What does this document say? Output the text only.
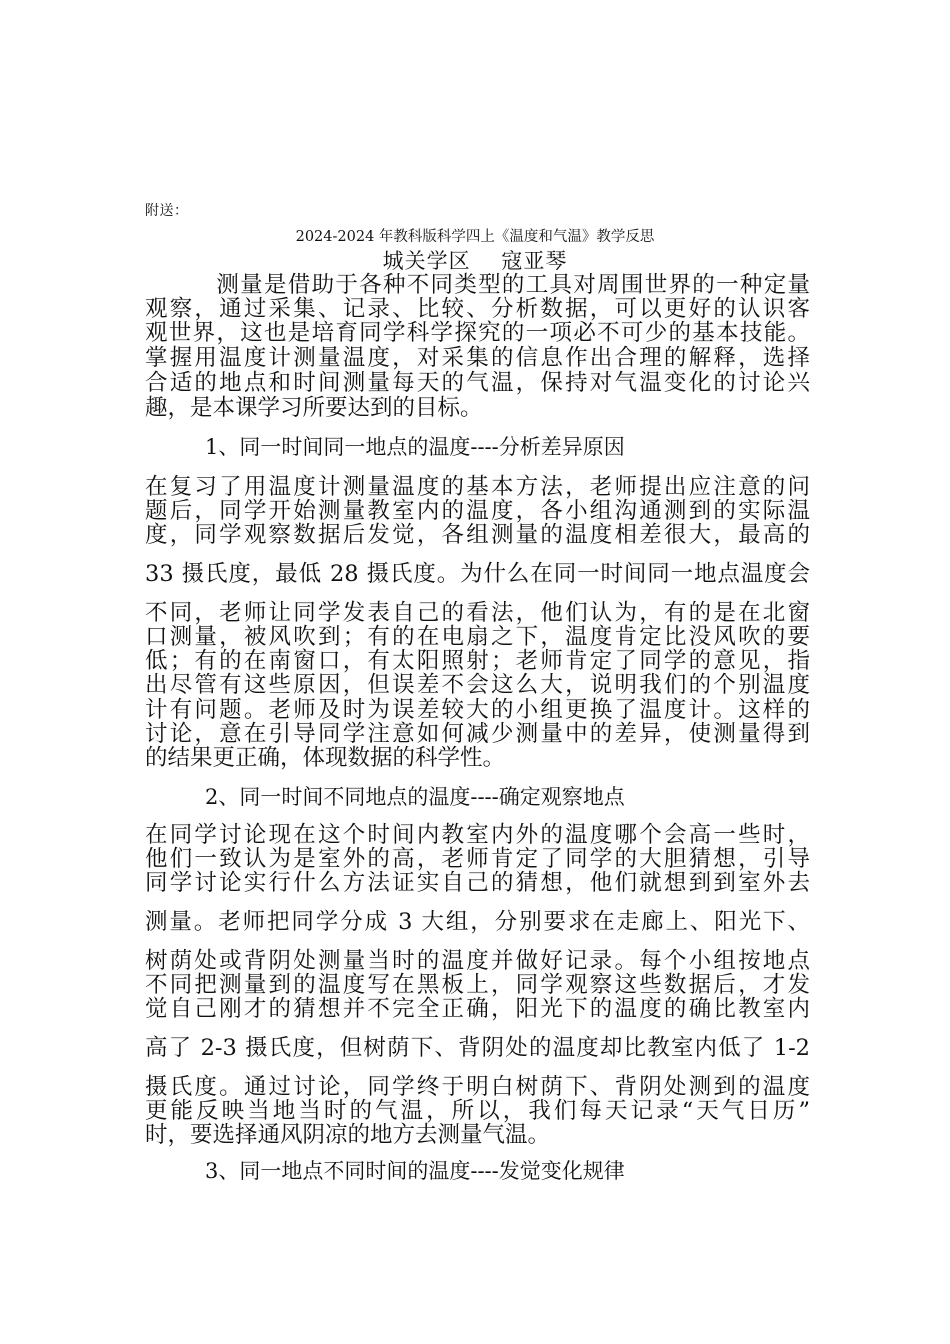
附送：
2024-2024 年教科版科学四上《温度和气温》教学反思
城关学区    寇亚琴
　　　测量是借助于各种不同类型的工具对周围世界的一种定量
观察，通过采集、记录、比较、分析数据，可以更好的认识客
观世界，这也是培育同学科学探究的一项必不可少的基本技能。
掌握用温度计测量温度，对采集的信息作出合理的解释，选择
合适的地点和时间测量每天的气温，保持对气温变化的讨论兴
趣，是本课学习所要达到的目标。
1、同一时间同一地点的温度----分析差异原因
在复习了用温度计测量温度的基本方法，老师提出应注意的问
题后，同学开始测量教室内的温度，各小组沟通测到的实际温
度，同学观察数据后发觉，各组测量的温度相差很大，最高的
33 摄氏度，最低 28 摄氏度。为什么在同一时间同一地点温度会
不同，老师让同学发表自己的看法，他们认为，有的是在北窗
口测量，被风吹到；有的在电扇之下，温度肯定比没风吹的要
低；有的在南窗口，有太阳照射；老师肯定了同学的意见，指
出尽管有这些原因，但误差不会这么大，说明我们的个别温度
计有问题。老师及时为误差较大的小组更换了温度计。这样的
讨论，意在引导同学注意如何减少测量中的差异，使测量得到
的结果更正确，体现数据的科学性。
2、同一时间不同地点的温度----确定观察地点
在同学讨论现在这个时间内教室内外的温度哪个会高一些时，
他们一致认为是室外的高，老师肯定了同学的大胆猜想，引导
同学讨论实行什么方法证实自己的猜想，他们就想到到室外去
测量。老师把同学分成 3 大组，分别要求在走廊上、阳光下、
树荫处或背阴处测量当时的温度并做好记录。每个小组按地点
不同把测量到的温度写在黑板上，同学观察这些数据后，才发
觉自己刚才的猜想并不完全正确，阳光下的温度的确比教室内
高了 2-3 摄氏度，但树荫下、背阴处的温度却比教室内低了 1-2
摄氏度。通过讨论，同学终于明白树荫下、背阴处测到的温度
更能反映当地当时的气温，所以，我们每天记录“天气日历”
时，要选择通风阴凉的地方去测量气温。
3、同一地点不同时间的温度----发觉变化规律
